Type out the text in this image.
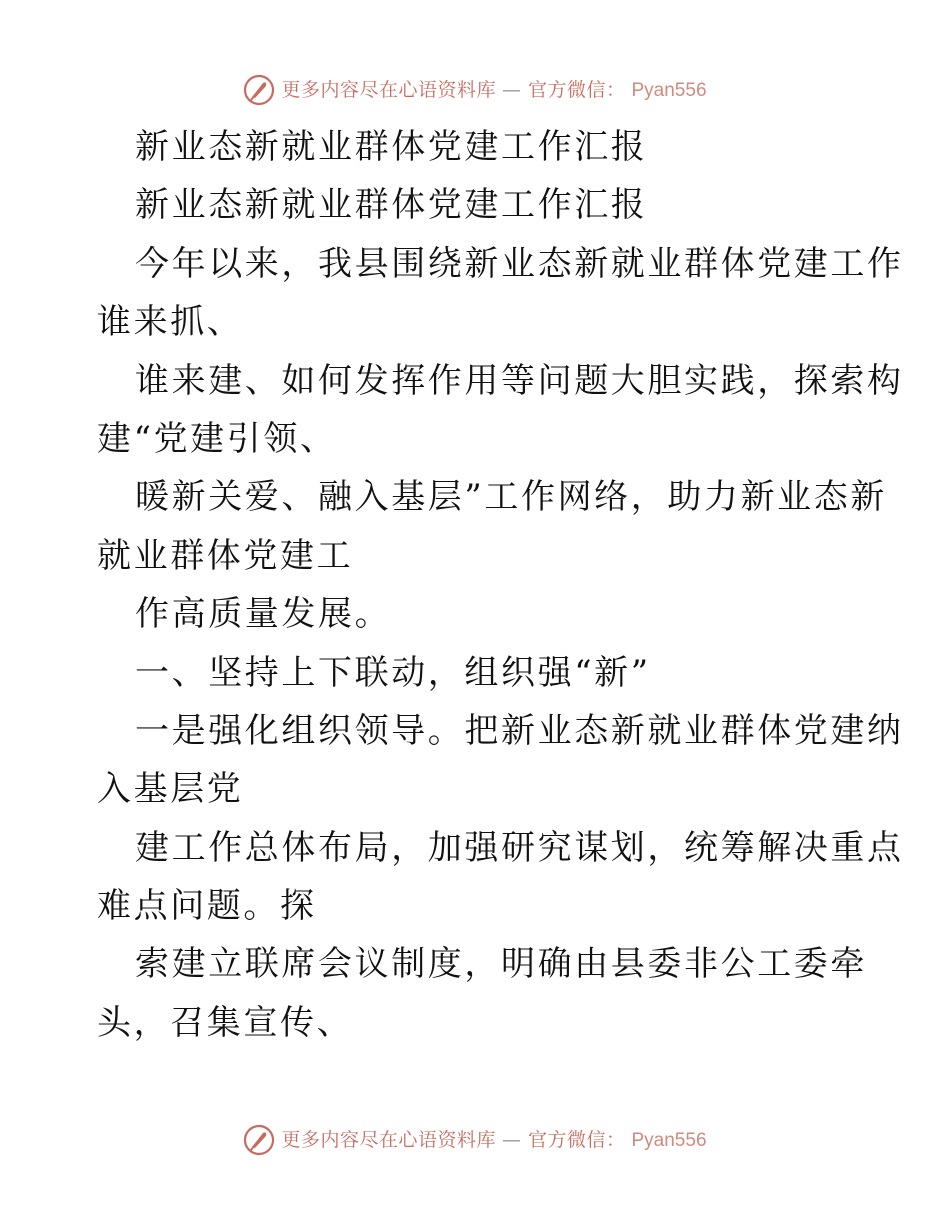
更多内容尽在心语资料库 — 官方微信： Pyan556
新业态新就业群体党建工作汇报
新业态新就业群体党建工作汇报
今年以来，我县围绕新业态新就业群体党建工作
谁来抓、
谁来建、如何发挥作用等问题大胆实践，探索构
建“党建引领、
暖新关爱、融入基层”工作网络，助力新业态新
就业群体党建工
作高质量发展。
一、坚持上下联动，组织强“新”
一是强化组织领导。把新业态新就业群体党建纳
入基层党
建工作总体布局，加强研究谋划，统筹解决重点
难点问题。探
索建立联席会议制度，明确由县委非公工委牵
头，召集宣传、
更多内容尽在心语资料库 — 官方微信： Pyan556
